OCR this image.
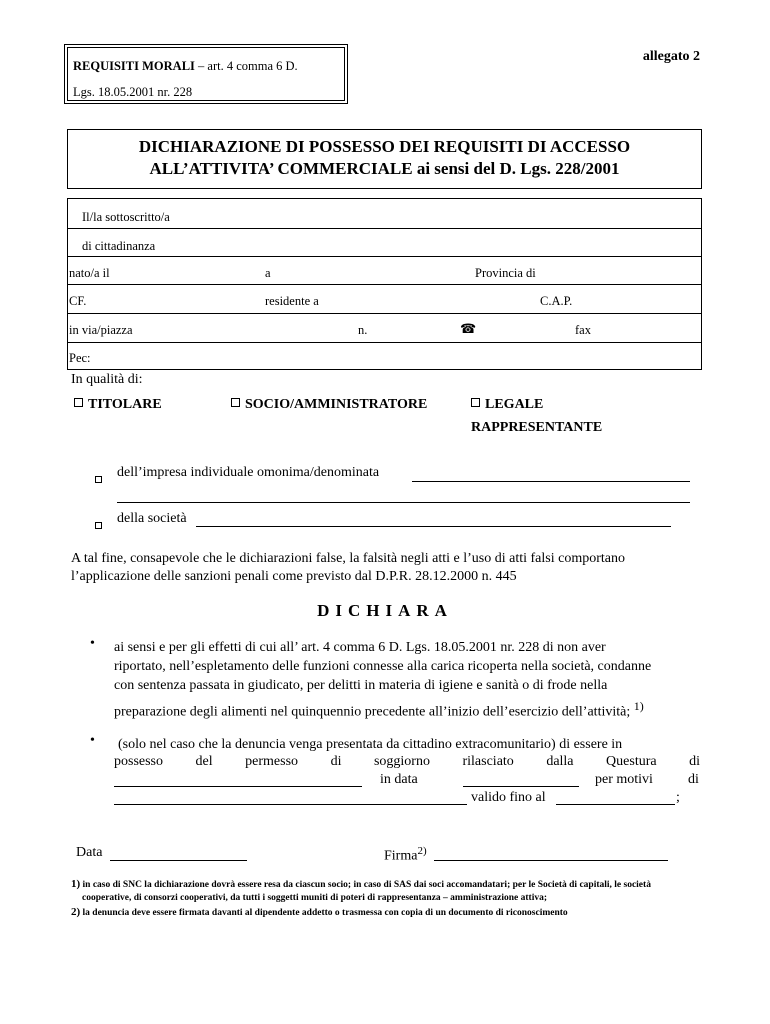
REQUISITI MORALI – art. 4 comma 6 D.
Lgs. 18.05.2001 nr. 228
allegato 2
DICHIARAZIONE DI POSSESSO DEI REQUISITI DI ACCESSO
ALL’ATTIVITA’ COMMERCIALE ai sensi del D. Lgs. 228/2001
Il/la sottoscritto/a
di cittadinanza
nato/a il	a	Provincia di
CF.	residente a	C.A.P.
in via/piazza	n.	☎	fax
Pec:
In qualità di:
TITOLARE	SOCIO/AMMINISTRATORE	LEGALE
RAPPRESENTANTE
dell’impresa individuale omonima/denominata
della società
A tal fine, consapevole che le dichiarazioni false, la falsità negli atti e l’uso di atti falsi comportano
l’applicazione delle sanzioni penali come previsto dal D.P.R. 28.12.2000 n. 445
DICHIARA
• ai sensi e per gli effetti di cui all’ art. 4 comma 6 D. Lgs. 18.05.2001 nr. 228 di non aver
riportato, nell’espletamento delle funzioni connesse alla carica ricoperta nella società, condanne
con sentenza passata in giudicato, per delitti in materia di igiene e sanità o di frode nella
preparazione degli alimenti nel quinquennio precedente all’inizio dell’esercizio dell’attività; $^{1)}$
• (solo nel caso che la denuncia venga presentata da cittadino extracomunitario) di essere in
possesso del permesso di soggiorno rilasciato dalla Questura di
in data	per motivi	di
valido fino al	;
Data	Firma$^{2)}$
1) in caso di SNC la dichiarazione dovrà essere resa da ciascun socio; in caso di SAS dai soci accomandatari; per le Società di capitali, le società
cooperative, di consorzi cooperativi, da tutti i soggetti muniti di poteri di rappresentanza – amministrazione attiva;
2) la denuncia deve essere firmata davanti al dipendente addetto o trasmessa con copia di un documento di riconoscimento
